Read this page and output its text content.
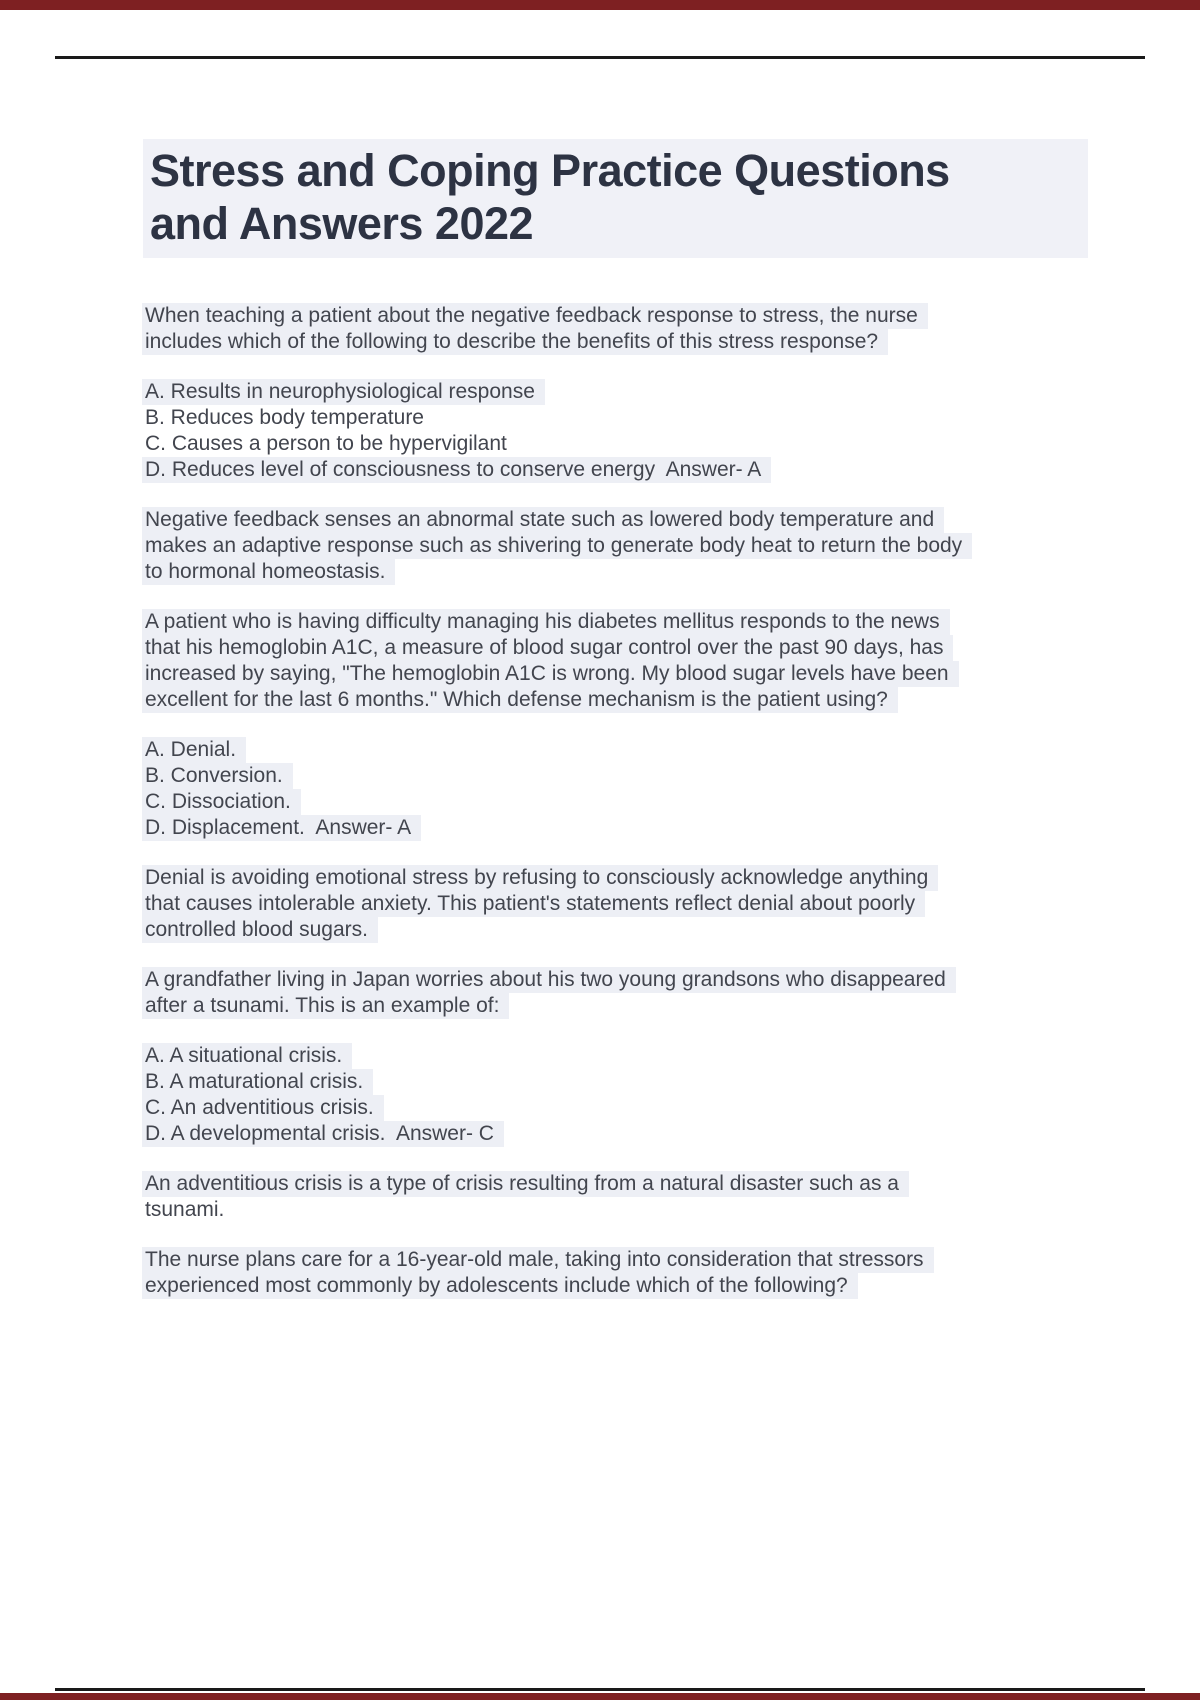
Stress and Coping Practice Questions
and Answers 2022
When teaching a patient about the negative feedback response to stress, the nurse
includes which of the following to describe the benefits of this stress response?
A. Results in neurophysiological response
B. Reduces body temperature
C. Causes a person to be hypervigilant
D. Reduces level of consciousness to conserve energy  Answer- A
Negative feedback senses an abnormal state such as lowered body temperature and
makes an adaptive response such as shivering to generate body heat to return the body
to hormonal homeostasis.
A patient who is having difficulty managing his diabetes mellitus responds to the news
that his hemoglobin A1C, a measure of blood sugar control over the past 90 days, has
increased by saying, "The hemoglobin A1C is wrong. My blood sugar levels have been
excellent for the last 6 months." Which defense mechanism is the patient using?
A. Denial.
B. Conversion.
C. Dissociation.
D. Displacement.  Answer- A
Denial is avoiding emotional stress by refusing to consciously acknowledge anything
that causes intolerable anxiety. This patient's statements reflect denial about poorly
controlled blood sugars.
A grandfather living in Japan worries about his two young grandsons who disappeared
after a tsunami. This is an example of:
A. A situational crisis.
B. A maturational crisis.
C. An adventitious crisis.
D. A developmental crisis.  Answer- C
An adventitious crisis is a type of crisis resulting from a natural disaster such as a
tsunami.
The nurse plans care for a 16-year-old male, taking into consideration that stressors
experienced most commonly by adolescents include which of the following?
